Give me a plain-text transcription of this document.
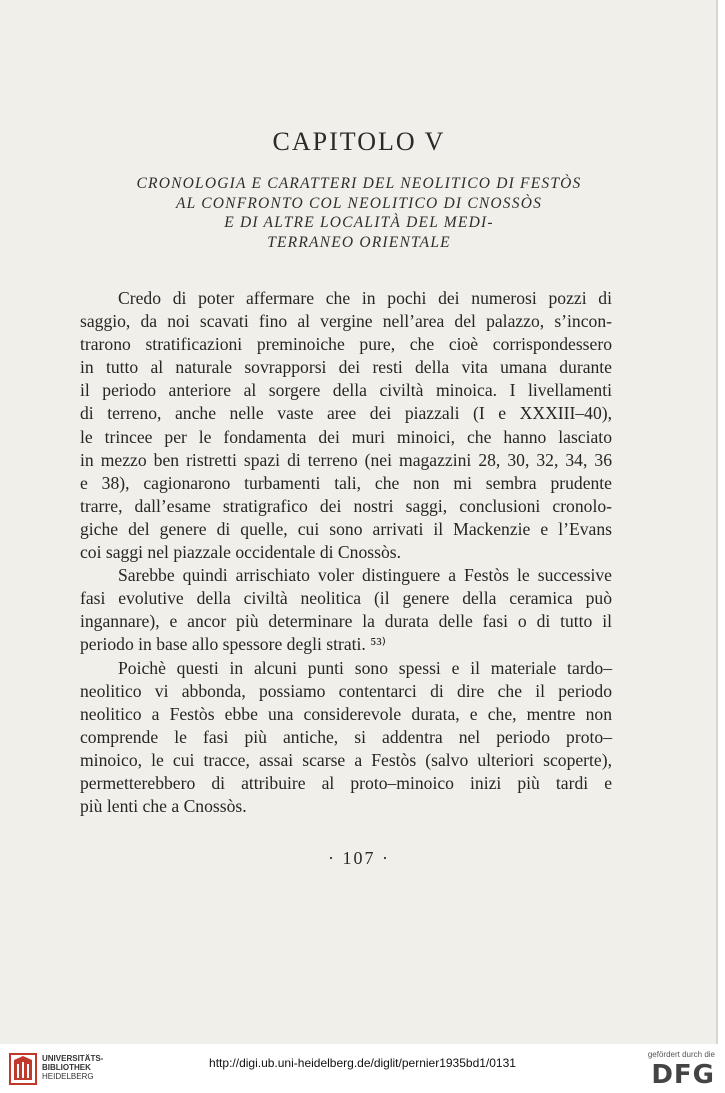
CAPITOLO V
CRONOLOGIA E CARATTERI DEL NEOLITICO DI FESTÒS
AL CONFRONTO COL NEOLITICO DI CNOSSÒS
E DI ALTRE LOCALITÀ DEL MEDI-
TERRANEO ORIENTALE
Credo di poter affermare che in pochi dei numerosi pozzi di
saggio, da noi scavati fino al vergine nell’area del palazzo, s’incon-
trarono stratificazioni preminoiche pure, che cioè corrispondessero
in tutto al naturale sovrapporsi dei resti della vita umana durante
il periodo anteriore al sorgere della civiltà minoica. I livellamenti
di terreno, anche nelle vaste aree dei piazzali (I e XXXIII–40),
le trincee per le fondamenta dei muri minoici, che hanno lasciato
in mezzo ben ristretti spazi di terreno (nei magazzini 28, 30, 32, 34, 36
e 38), cagionarono turbamenti tali, che non mi sembra prudente
trarre, dall’esame stratigrafico dei nostri saggi, conclusioni cronolo-
giche del genere di quelle, cui sono arrivati il Mackenzie e l’Evans
coi saggi nel piazzale occidentale di Cnossòs.
Sarebbe quindi arrischiato voler distinguere a Festòs le successive
fasi evolutive della civiltà neolitica (il genere della ceramica può
ingannare), e ancor più determinare la durata delle fasi o di tutto il
periodo in base allo spessore degli strati. ⁵³⁾
Poichè questi in alcuni punti sono spessi e il materiale tardo–
neolitico vi abbonda, possiamo contentarci di dire che il periodo
neolitico a Festòs ebbe una considerevole durata, e che, mentre non
comprende le fasi più antiche, si addentra nel periodo proto–
minoico, le cui tracce, assai scarse a Festòs (salvo ulteriori scoperte),
permetterebbero di attribuire al proto–minoico inizi più tardi e
più lenti che a Cnossòs.
· 107 ·
UNIVERSITÄTS-
BIBLIOTHEK
HEIDELBERG
http://digi.ub.uni-heidelberg.de/diglit/pernier1935bd1/0131
gefördert durch die
DFG
